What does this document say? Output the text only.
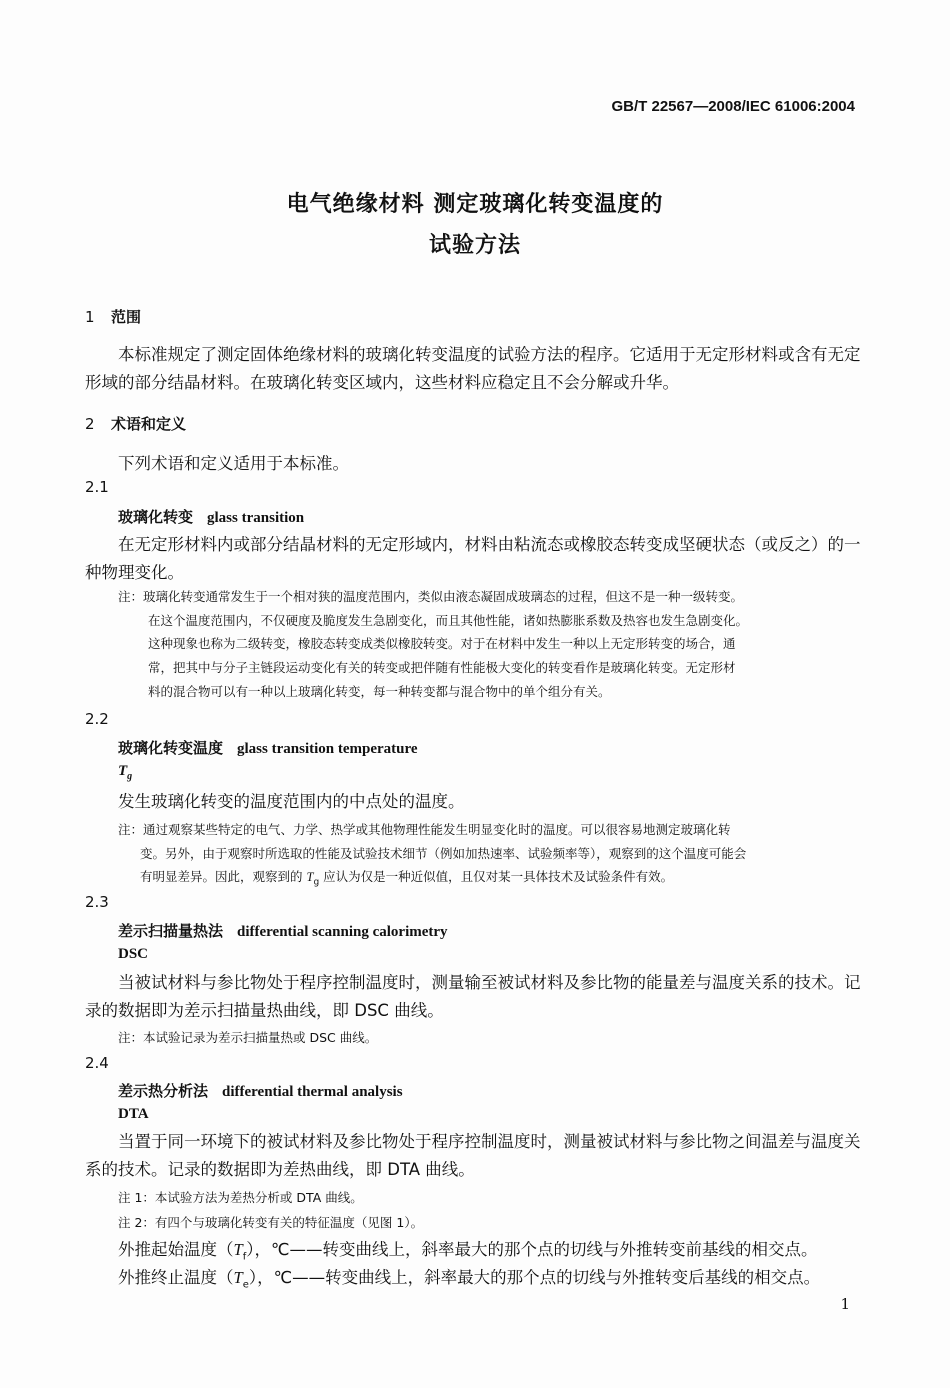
GB/T 22567—2008/IEC 61006:2004
电气绝缘材料 测定玻璃化转变温度的
试验方法
1 范围
本标准规定了测定固体绝缘材料的玻璃化转变温度的试验方法的程序。它适用于无定形材料或含有无定形域的部分结晶材料。在玻璃化转变区域内，这些材料应稳定且不会分解或升华。
2 术语和定义
下列术语和定义适用于本标准。
2.1
玻璃化转变 glass transition
在无定形材料内或部分结晶材料的无定形域内，材料由粘流态或橡胶态转变成坚硬状态（或反之）的一种物理变化。
注：玻璃化转变通常发生于一个相对狭的温度范围内，类似由液态凝固成玻璃态的过程，但这不是一种一级转变。
在这个温度范围内，不仅硬度及脆度发生急剧变化，而且其他性能，诸如热膨胀系数及热容也发生急剧变化。
这种现象也称为二级转变，橡胶态转变成类似橡胶转变。对于在材料中发生一种以上无定形转变的场合，通
常，把其中与分子主链段运动变化有关的转变或把伴随有性能极大变化的转变看作是玻璃化转变。无定形材
料的混合物可以有一种以上玻璃化转变，每一种转变都与混合物中的单个组分有关。
2.2
玻璃化转变温度 glass transition temperature
$T_g$
发生玻璃化转变的温度范围内的中点处的温度。
注：通过观察某些特定的电气、力学、热学或其他物理性能发生明显变化时的温度。可以很容易地测定玻璃化转
变。另外，由于观察时所选取的性能及试验技术细节（例如加热速率、试验频率等），观察到的这个温度可能会
有明显差异。因此，观察到的 $T_g$ 应认为仅是一种近似值，且仅对某一具体技术及试验条件有效。
2.3
差示扫描量热法 differential scanning calorimetry
DSC
当被试材料与参比物处于程序控制温度时，测量输至被试材料及参比物的能量差与温度关系的技术。记录的数据即为差示扫描量热曲线，即 DSC 曲线。
注：本试验记录为差示扫描量热或 DSC 曲线。
2.4
差示热分析法 differential thermal analysis
DTA
当置于同一环境下的被试材料及参比物处于程序控制温度时，测量被试材料与参比物之间温差与温度关系的技术。记录的数据即为差热曲线，即 DTA 曲线。
注 1：本试验方法为差热分析或 DTA 曲线。
注 2：有四个与玻璃化转变有关的特征温度（见图 1）。
外推起始温度$(T_f)$，℃——转变曲线上，斜率最大的那个点的切线与外推转变前基线的相交点。
外推终止温度$(T_e)$，℃——转变曲线上，斜率最大的那个点的切线与外推转变后基线的相交点。
1
